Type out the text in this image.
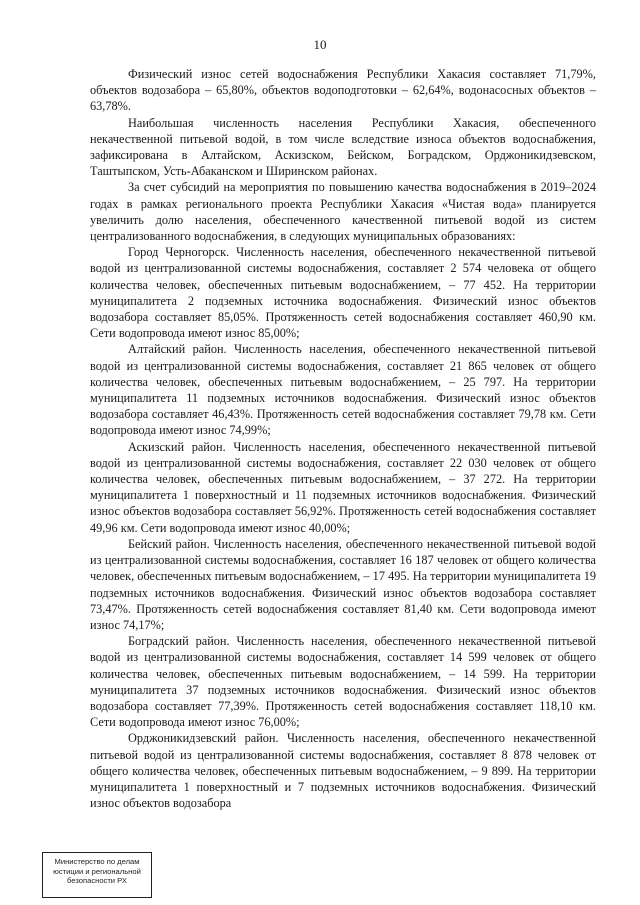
10

Физический износ сетей водоснабжения Республики Хакасия составляет 71,79%, объектов водозабора – 65,80%, объектов водоподготовки – 62,64%, водонасосных объектов – 63,78%.

Наибольшая численность населения Республики Хакасия, обеспеченного некачественной питьевой водой, в том числе вследствие износа объектов водоснабжения, зафиксирована в Алтайском, Аскизском, Бейском, Боградском, Орджоникидзевском, Таштыпском, Усть-Абаканском и Ширинском районах.

За счет субсидий на мероприятия по повышению качества водоснабжения в 2019–2024 годах в рамках регионального проекта Республики Хакасия «Чистая вода» планируется увеличить долю населения, обеспеченного качественной питьевой водой из систем централизованного водоснабжения, в следующих муниципальных образованиях:

Город Черногорск. Численность населения, обеспеченного некачественной питьевой водой из централизованной системы водоснабжения, составляет 2 574 человека от общего количества человек, обеспеченных питьевым водоснабжением, – 77 452. На территории муниципалитета 2 подземных источника водоснабжения. Физический износ объектов водозабора составляет 85,05%. Протяженность сетей водоснабжения составляет 460,90 км. Сети водопровода имеют износ 85,00%;

Алтайский район. Численность населения, обеспеченного некачественной питьевой водой из централизованной системы водоснабжения, составляет 21 865 человек от общего количества человек, обеспеченных питьевым водоснабжением, – 25 797. На территории муниципалитета 11 подземных источников водоснабжения. Физический износ объектов водозабора составляет 46,43%. Протяженность сетей водоснабжения составляет 79,78 км. Сети водопровода имеют износ 74,99%;

Аскизский район. Численность населения, обеспеченного некачественной питьевой водой из централизованной системы водоснабжения, составляет 22 030 человек от общего количества человек, обеспеченных питьевым водоснабжением, – 37 272. На территории муниципалитета 1 поверхностный и 11 подземных источников водоснабжения. Физический износ объектов водозабора составляет 56,92%. Протяженность сетей водоснабжения составляет 49,96 км. Сети водопровода имеют износ 40,00%;

Бейский район. Численность населения, обеспеченного некачественной питьевой водой из централизованной системы водоснабжения, составляет 16 187 человек от общего количества человек, обеспеченных питьевым водоснабжением, – 17 495. На территории муниципалитета 19 подземных источников водоснабжения. Физический износ объектов водозабора составляет 73,47%. Протяженность сетей водоснабжения составляет 81,40 км. Сети водопровода имеют износ 74,17%;

Боградский район. Численность населения, обеспеченного некачественной питьевой водой из централизованной системы водоснабжения, составляет 14 599 человек от общего количества человек, обеспеченных питьевым водоснабжением, – 14 599. На территории муниципалитета 37 подземных источников водоснабжения. Физический износ объектов водозабора составляет 77,39%. Протяженность сетей водоснабжения составляет 118,10 км. Сети водопровода имеют износ 76,00%;

Орджоникидзевский район. Численность населения, обеспеченного некачественной питьевой водой из централизованной системы водоснабжения, составляет 8 878 человек от общего количества человек, обеспеченных питьевым водоснабжением, – 9 899. На территории муниципалитета 1 поверхностный и 7 подземных источников водоснабжения. Физический износ объектов водозабора

Министерство по делам
юстиции и региональной
безопасности РХ
